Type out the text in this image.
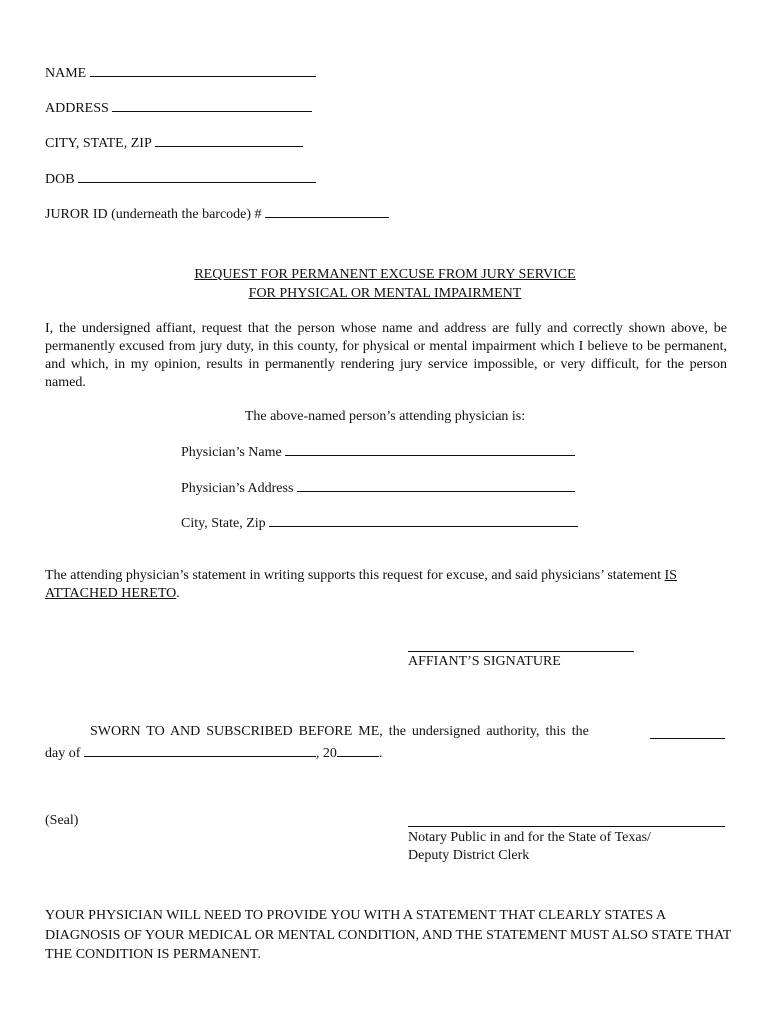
NAME
ADDRESS
CITY, STATE, ZIP
DOB
JUROR ID (underneath the barcode) #
REQUEST FOR PERMANENT EXCUSE FROM JURY SERVICE
FOR PHYSICAL OR MENTAL IMPAIRMENT
I, the undersigned affiant, request that the person whose name and address are fully and correctly shown above, be permanently excused from jury duty, in this county, for physical or mental impairment which I believe to be permanent, and which, in my opinion, results in permanently rendering jury service impossible, or very difficult, for the person named.
The above-named person’s attending physician is:
Physician’s Name
Physician’s Address
City, State, Zip
The attending physician’s statement in writing supports this request for excuse, and said physicians’ statement IS ATTACHED HERETO.
AFFIANT’S SIGNATURE
SWORN TO AND SUBSCRIBED BEFORE ME, the undersigned authority, this the
day of	, 20	.
(Seal)
Notary Public in and for the State of Texas/
Deputy District Clerk
YOUR PHYSICIAN WILL NEED TO PROVIDE YOU WITH A STATEMENT THAT CLEARLY STATES A DIAGNOSIS OF YOUR MEDICAL OR MENTAL CONDITION, AND THE STATEMENT MUST ALSO STATE THAT THE CONDITION IS PERMANENT.
